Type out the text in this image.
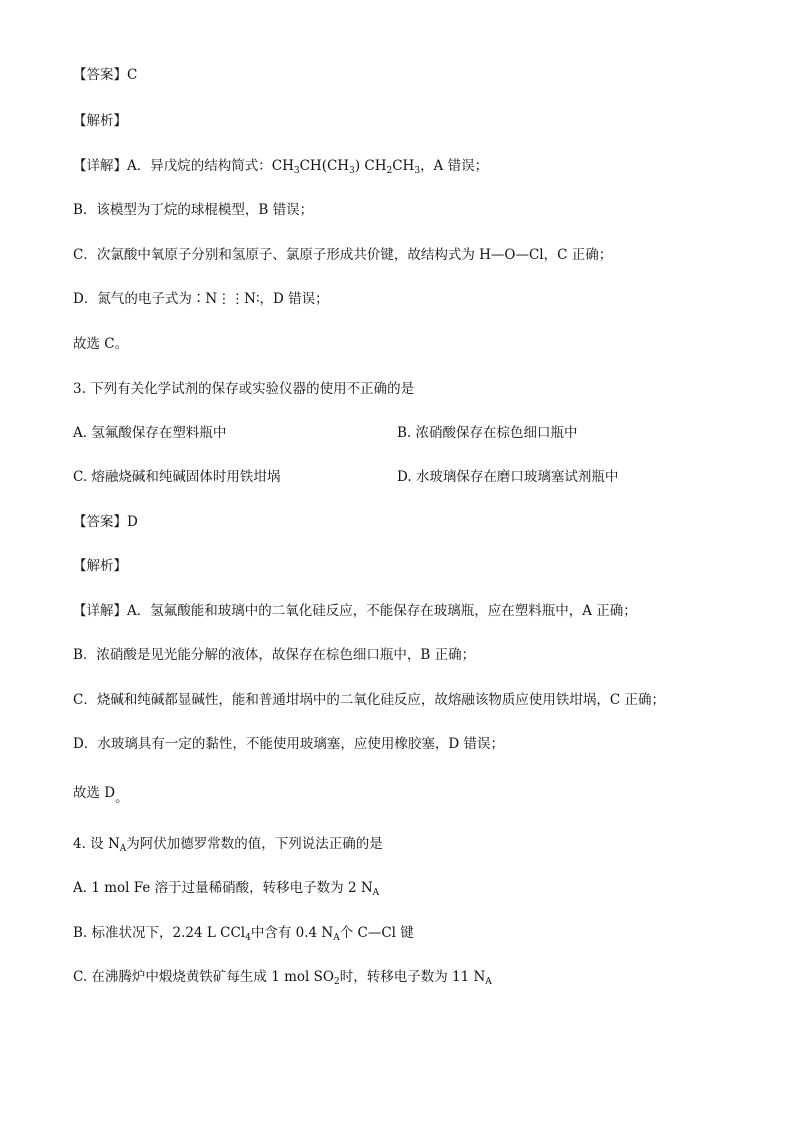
【答案】C
【解析】
【详解】A．异戊烷的结构简式：$CH_3CH(CH_3)$ $CH_2CH_3$，A 错误；
B．该模型为丁烷的球棍模型，B 错误；
C．次氯酸中氧原子分别和氢原子、氯原子形成共价键，故结构式为 H—O—Cl，C 正确；
D．氮气的电子式为∶N⋮⋮N∶，D 错误；
故选 C。
3. 下列有关化学试剂的保存或实验仪器的使用不正确的是
A. 氢氟酸保存在塑料瓶中	B. 浓硝酸保存在棕色细口瓶中
C. 熔融烧碱和纯碱固体时用铁坩埚	D. 水玻璃保存在磨口玻璃塞试剂瓶中
【答案】D
【解析】
【详解】A．氢氟酸能和玻璃中的二氧化硅反应，不能保存在玻璃瓶，应在塑料瓶中，A 正确；
B．浓硝酸是见光能分解的液体，故保存在棕色细口瓶中，B 正确；
C．烧碱和纯碱都显碱性，能和普通坩埚中的二氧化硅反应，故熔融该物质应使用铁坩埚，C 正确；
D．水玻璃具有一定的黏性，不能使用玻璃塞，应使用橡胶塞，D 错误；
故选 D。
4. 设 $N_A$为阿伏加德罗常数的值，下列说法正确的是
A. 1 mol Fe 溶于过量稀硝酸，转移电子数为 2 $N_A$
B. 标准状况下，2.24 L CCl$_4$中含有 0.4 $N_A$个 C—Cl 键
C. 在沸腾炉中煅烧黄铁矿每生成 1 mol $SO_2$时，转移电子数为 11 $N_A$
